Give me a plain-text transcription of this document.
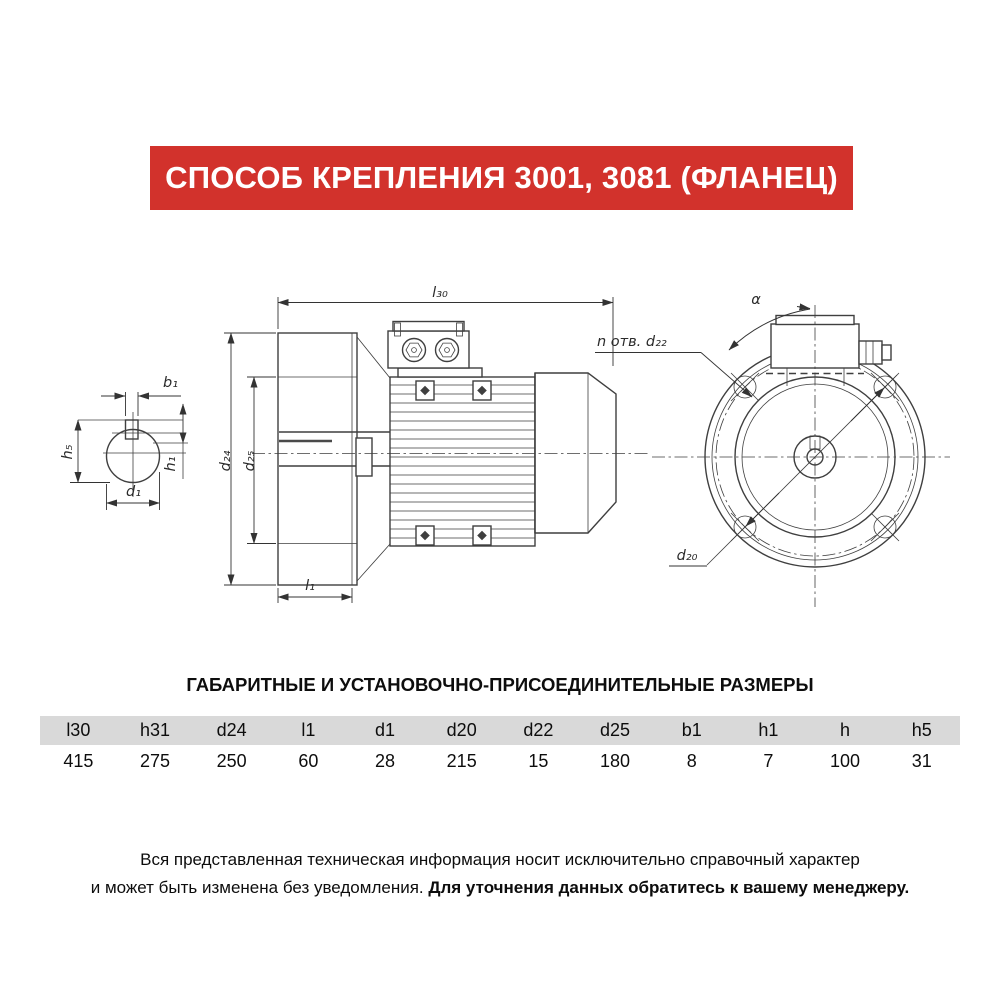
СПОСОБ КРЕПЛЕНИЯ 3001, 3081 (ФЛАНЕЦ)
b₁
h₅
h₁
d₁
l₃₀
l₁
d₂₄ d₂₅
d₂₀
α
n отв. d₂₂
ГАБАРИТНЫЕ И УСТАНОВОЧНО-ПРИСОЕДИНИТЕЛЬНЫЕ РАЗМЕРЫ
l30	h31	d24	l1	d1	d20	d22	d25	b1	h1	h	h5
415	275	250	60	28	215	15	180	8	7	100	31
Вся представленная техническая информация носит исключительно справочный характер
и может быть изменена без уведомления. Для уточнения данных обратитесь к вашему менеджеру.
